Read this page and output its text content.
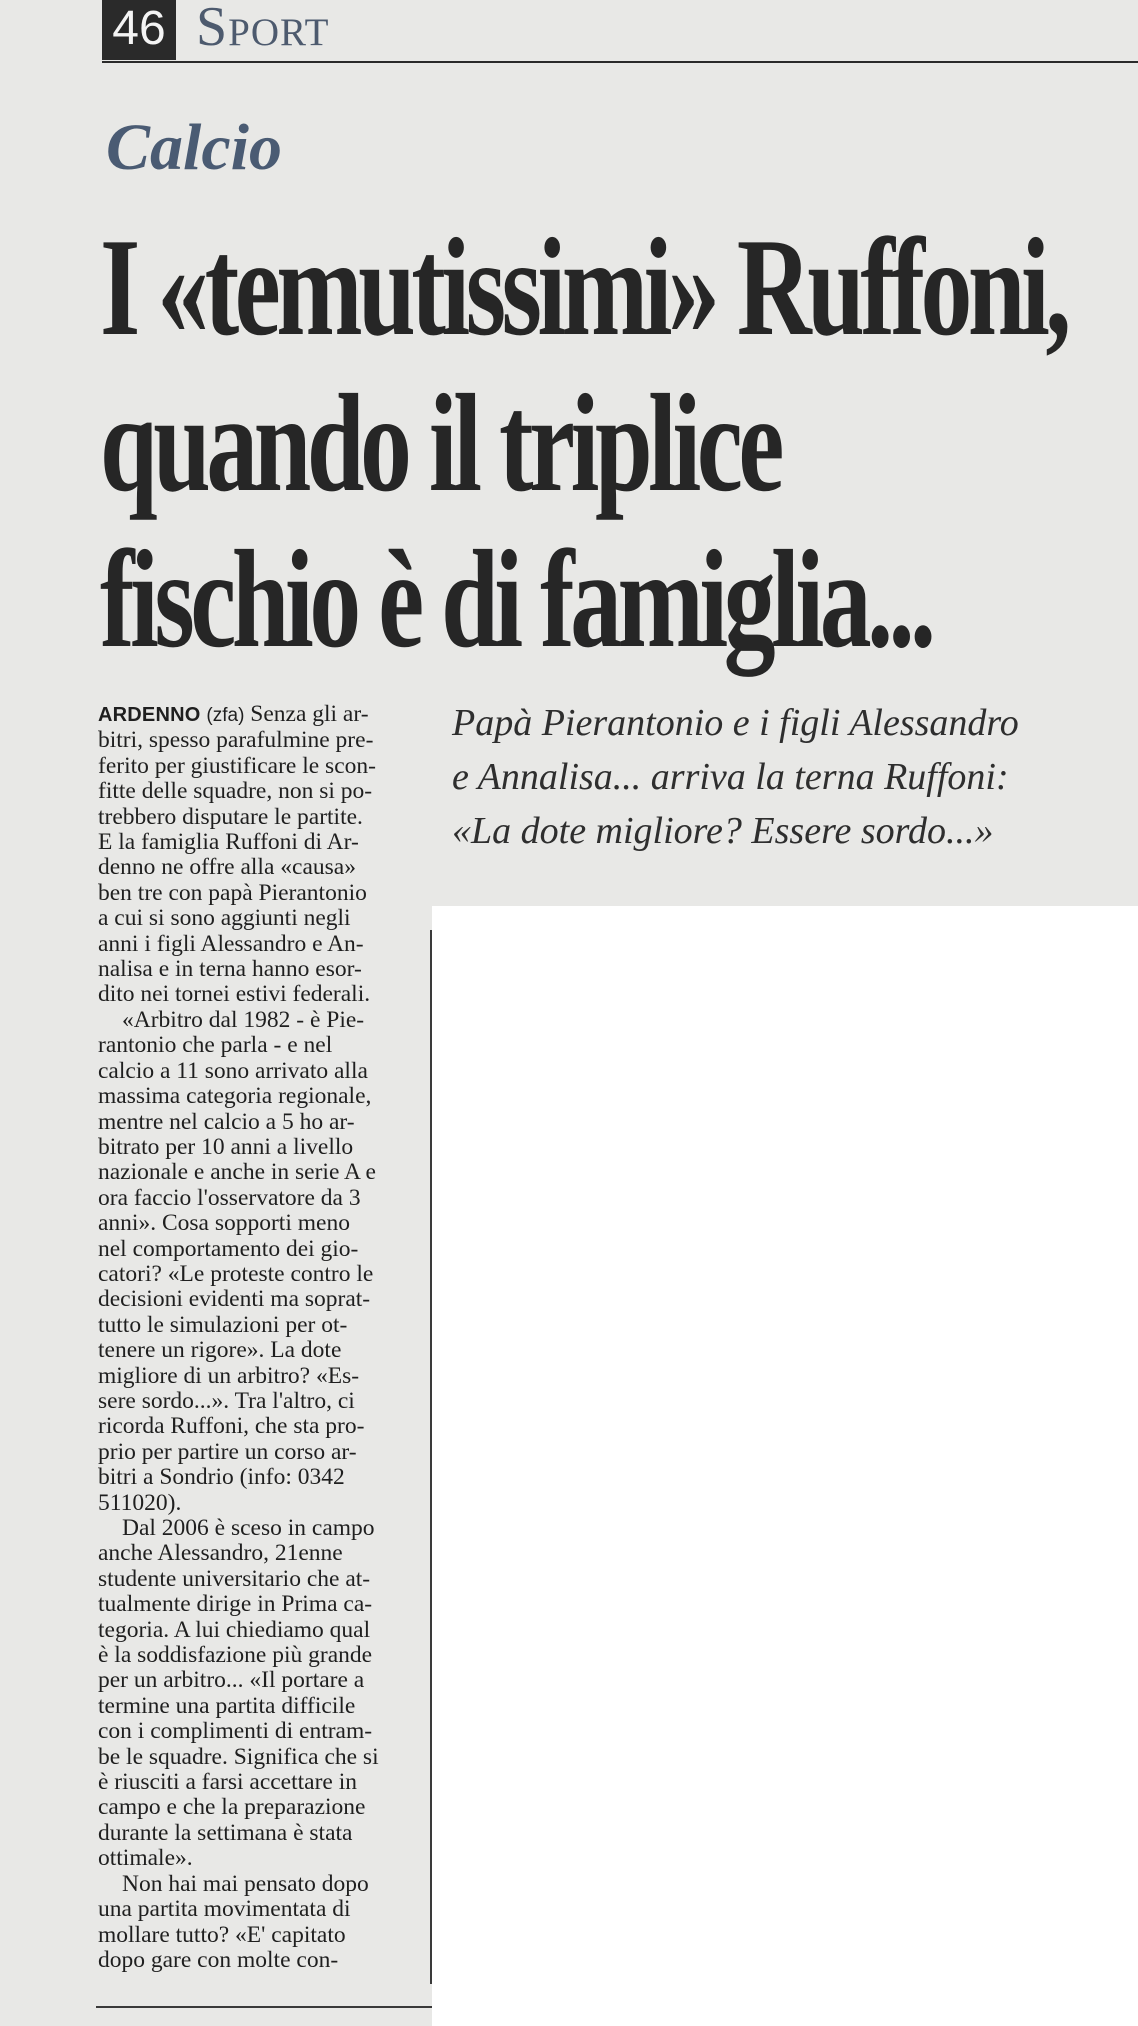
46 Sport
Calcio
I «temutissimi» Ruffoni,
quando il triplice
fischio è di famiglia...
Papà Pierantonio e i figli Alessandro
e Annalisa... arriva la terna Ruffoni:
«La dote migliore? Essere sordo...»
ARDENNO (zfa) Senza gli ar-
bitri, spesso parafulmine pre-
ferito per giustificare le scon-
fitte delle squadre, non si po-
trebbero disputare le partite.
E la famiglia Ruffoni di Ar-
denno ne offre alla «causa»
ben tre con papà Pierantonio
a cui si sono aggiunti negli
anni i figli Alessandro e An-
nalisa e in terna hanno esor-
dito nei tornei estivi federali.
«Arbitro dal 1982 - è Pie-
rantonio che parla - e nel
calcio a 11 sono arrivato alla
massima categoria regionale,
mentre nel calcio a 5 ho ar-
bitrato per 10 anni a livello
nazionale e anche in serie A e
ora faccio l'osservatore da 3
anni». Cosa sopporti meno
nel comportamento dei gio-
catori? «Le proteste contro le
decisioni evidenti ma soprat-
tutto le simulazioni per ot-
tenere un rigore». La dote
migliore di un arbitro? «Es-
sere sordo...». Tra l'altro, ci
ricorda Ruffoni, che sta pro-
prio per partire un corso ar-
bitri a Sondrio (info: 0342
511020).
Dal 2006 è sceso in campo
anche Alessandro, 21enne
studente universitario che at-
tualmente dirige in Prima ca-
tegoria. A lui chiediamo qual
è la soddisfazione più grande
per un arbitro... «Il portare a
termine una partita difficile
con i complimenti di entram-
be le squadre. Significa che si
è riusciti a farsi accettare in
campo e che la preparazione
durante la settimana è stata
ottimale».
Non hai mai pensato dopo
una partita movimentata di
mollare tutto? «E' capitato
dopo gare con molte con-
